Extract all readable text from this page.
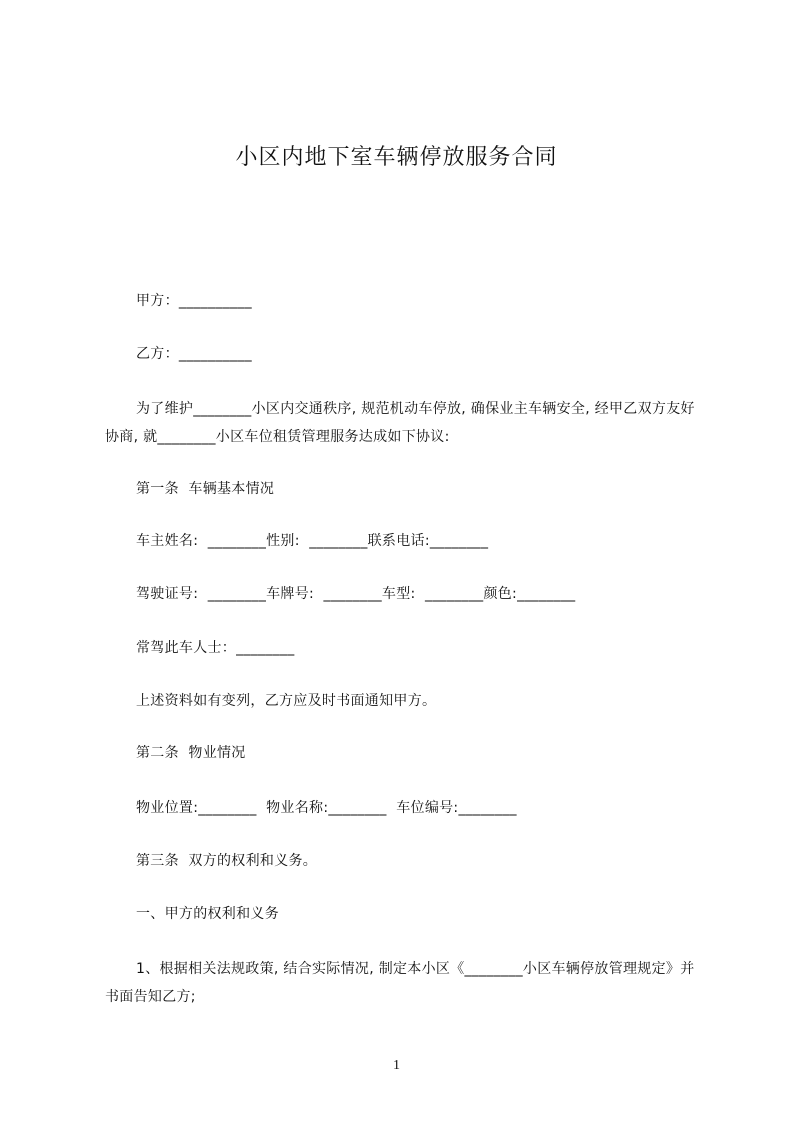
小区内地下室车辆停放服务合同
甲方：__________
乙方：__________
为了维护________小区内交通秩序, 规范机动车停放, 确保业主车辆安全, 经甲乙双方友好协商, 就________小区车位租赁管理服务达成如下协议:
第一条  车辆基本情况
车主姓名:  ________性别:  ________联系电话:________
驾驶证号:  ________车牌号:  ________车型:  ________颜色:________
常驾此车人士：________
上述资料如有变列，乙方应及时书面通知甲方。
第二条  物业情况
物业位置:________  物业名称:________  车位编号:________
第三条  双方的权利和义务。
一、甲方的权利和义务
1、根据相关法规政策, 结合实际情况, 制定本小区《________小区车辆停放管理规定》并书面告知乙方;
1
